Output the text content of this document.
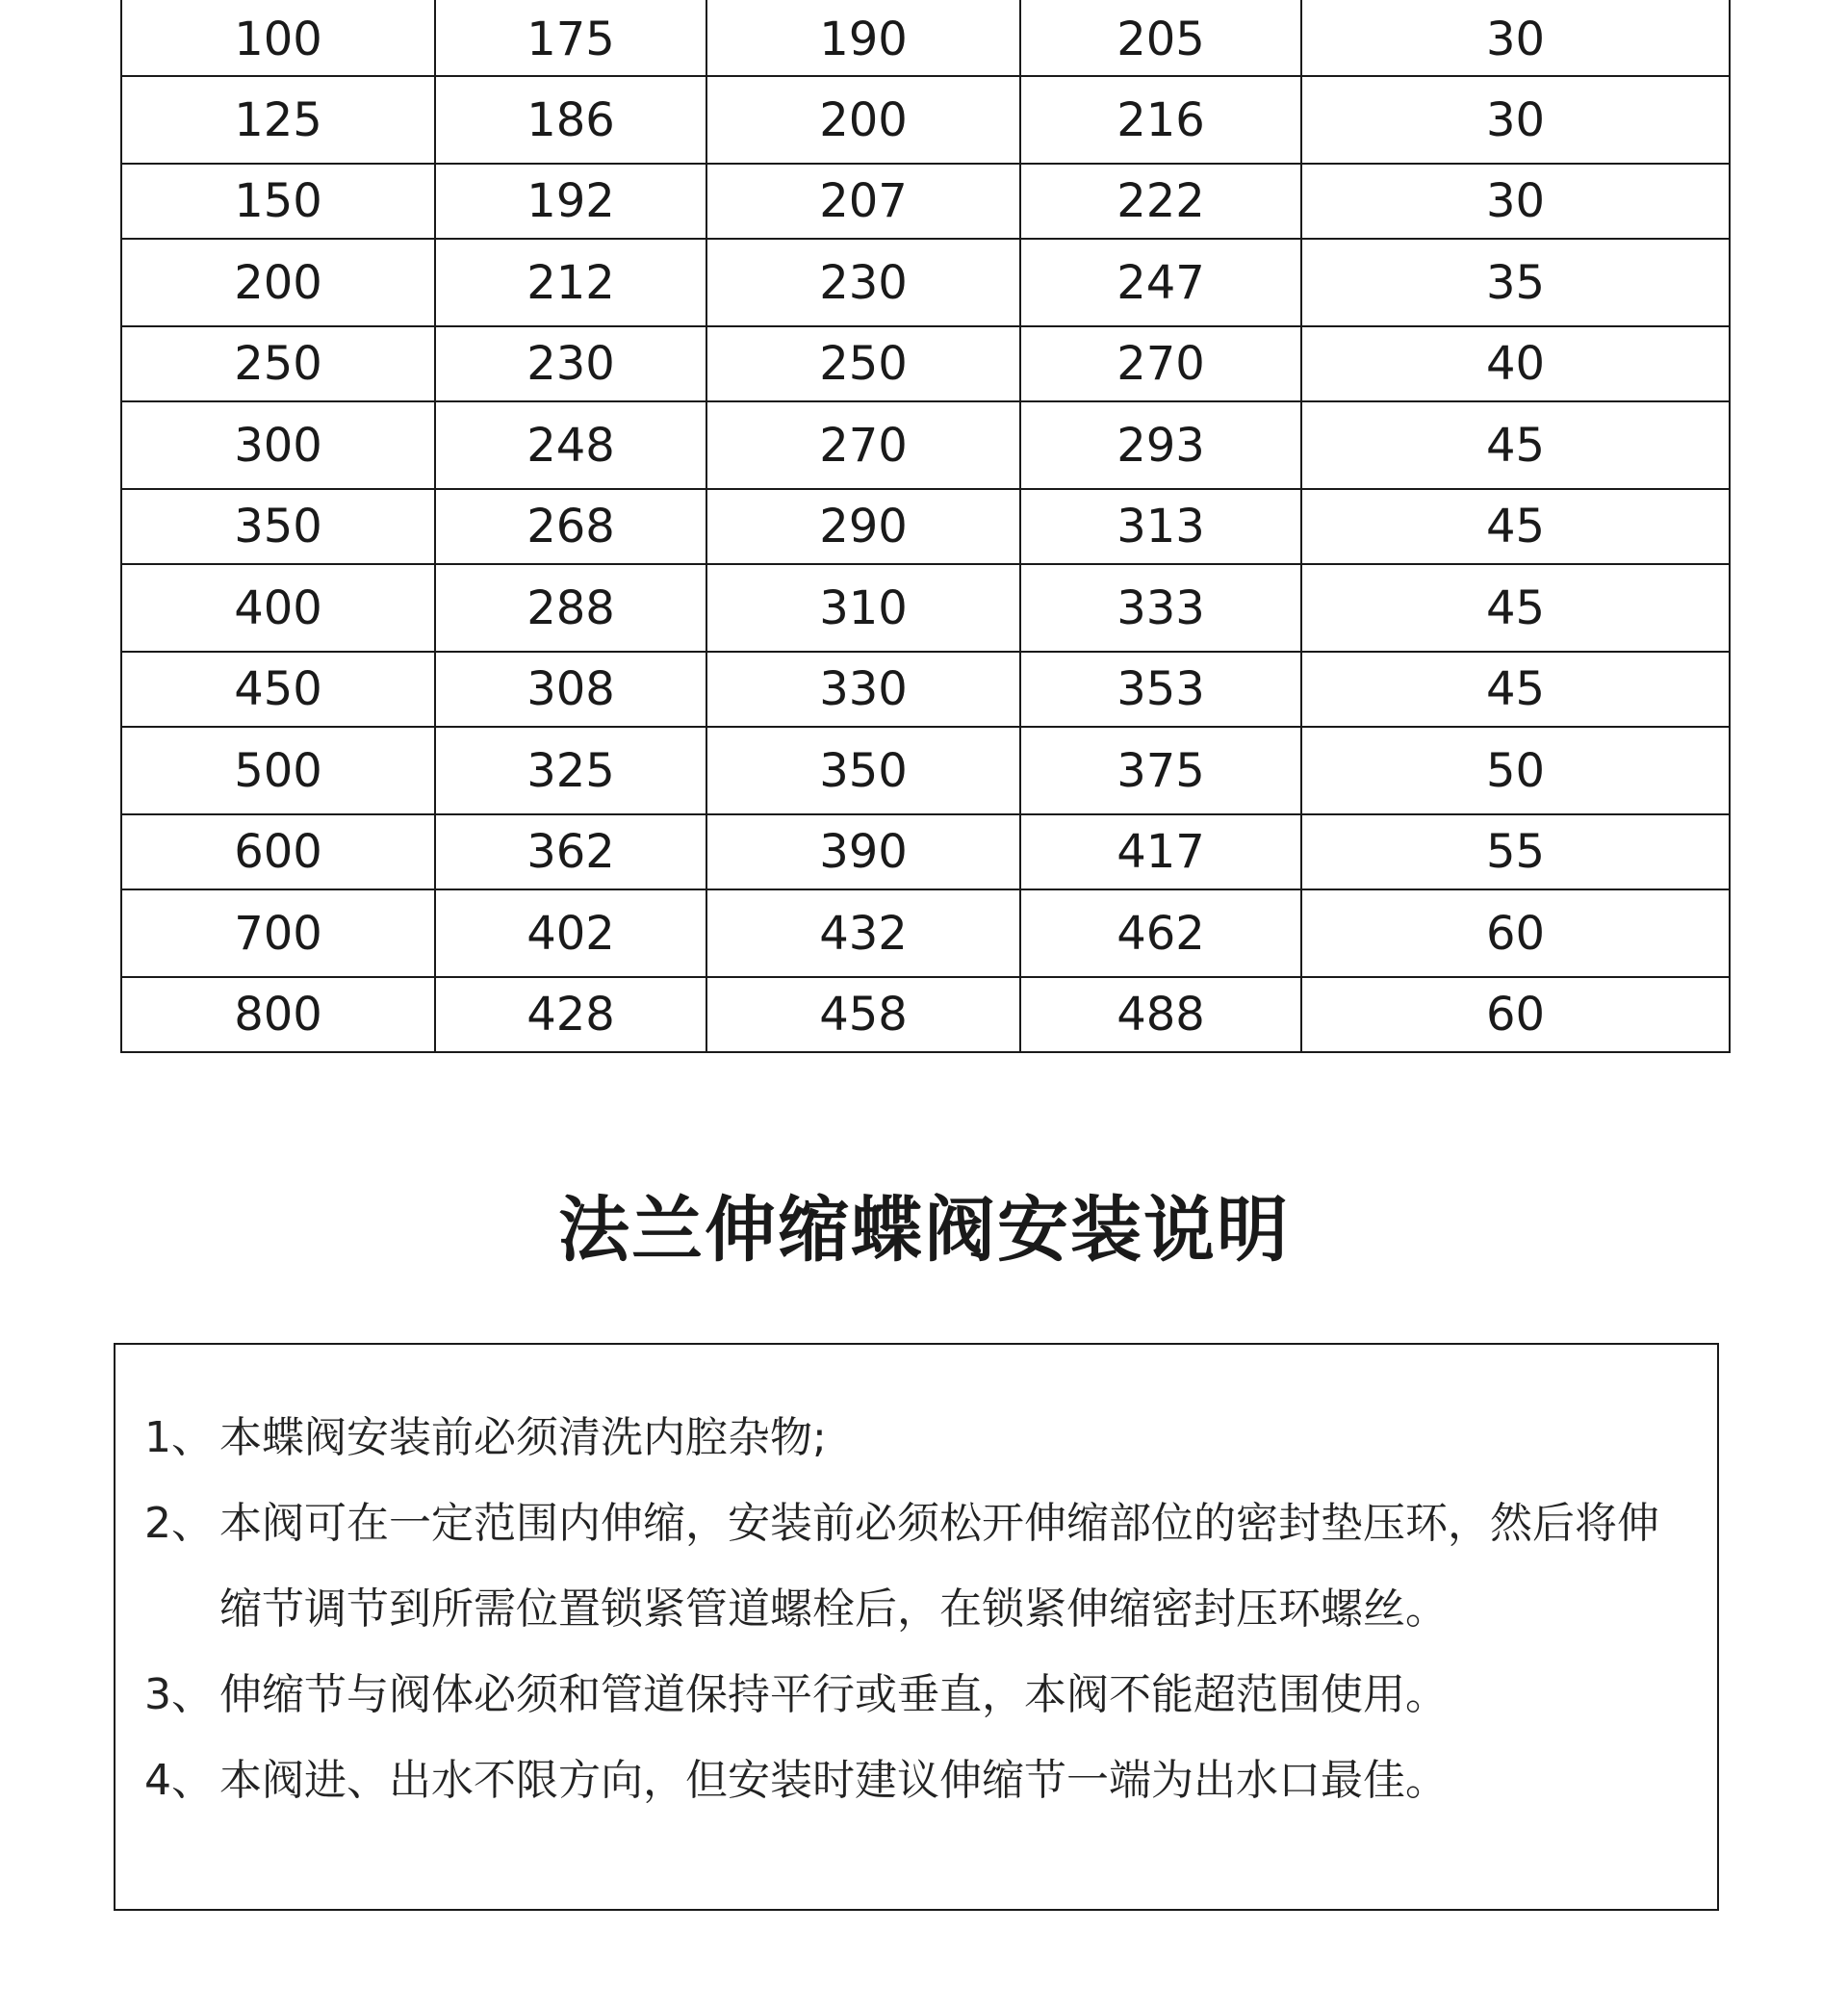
100	175	190	205	30
125	186	200	216	30
150	192	207	222	30
200	212	230	247	35
250	230	250	270	40
300	248	270	293	45
350	268	290	313	45
400	288	310	333	45
450	308	330	353	45
500	325	350	375	50
600	362	390	417	55
700	402	432	462	60
800	428	458	488	60
法兰伸缩蝶阀安装说明
1、 本蝶阀安装前必须清洗内腔杂物;
2、 本阀可在一定范围内伸缩，安装前必须松开伸缩部位的密封垫压环，然后将伸缩节调节到所需位置锁紧管道螺栓后，在锁紧伸缩密封压环螺丝。
3、 伸缩节与阀体必须和管道保持平行或垂直，本阀不能超范围使用。
4、 本阀进、出水不限方向，但安装时建议伸缩节一端为出水口最佳。
